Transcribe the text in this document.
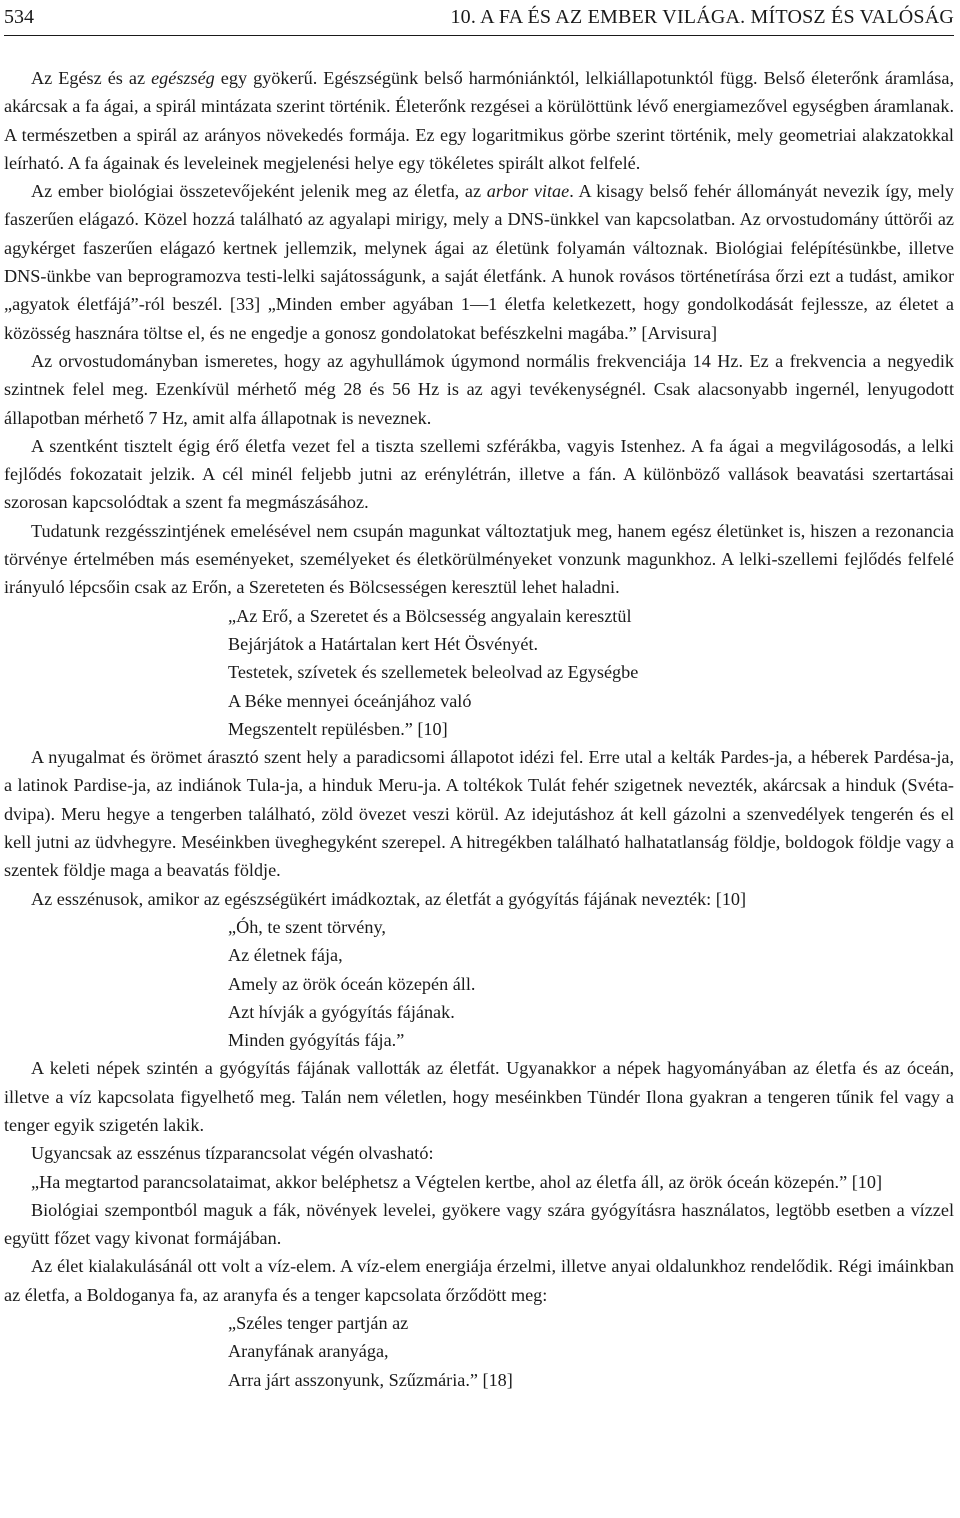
534	10. A FA ÉS AZ EMBER VILÁGA. MÍTOSZ ÉS VALÓSÁG

Az Egész és az egészség egy gyökerű. Egészségünk belső harmóniánktól, lelkiállapotunktól függ. Belső életerőnk áramlása, akárcsak a fa ágai, a spirál mintázata szerint történik. Életerőnk rezgései a körülöttünk lévő energiamezővel egységben áramlanak. A természetben a spirál az arányos növekedés formája. Ez egy logaritmikus görbe szerint történik, mely geometriai alakzatokkal leírható. A fa ágainak és leveleinek megjelenési helye egy tökéletes spirált alkot felfelé.

Az ember biológiai összetevőjeként jelenik meg az életfa, az arbor vitae. A kisagy belső fehér állományát nevezik így, mely faszerűen elágazó. Közel hozzá található az agyalapi mirigy, mely a DNS-ünkkel van kapcsolatban. Az orvostudomány úttörői az agykérget faszerűen elágazó kertnek jellemzik, melynek ágai az életünk folyamán változnak. Biológiai felépítésünkbe, illetve DNS-ünkbe van beprogramozva testi-lelki sajátosságunk, a saját életfánk. A hunok rovásos történetírása őrzi ezt a tudást, amikor „agyatok életfájá”-ról beszél. [33] „Minden ember agyában 1—1 életfa keletkezett, hogy gondolkodását fejlessze, az életet a közösség hasznára töltse el, és ne engedje a gonosz gondolatokat befészkelni magába.” [Arvisura]

Az orvostudományban ismeretes, hogy az agyhullámok úgymond normális frekvenciája 14 Hz. Ez a frekvencia a negyedik szintnek felel meg. Ezenkívül mérhető még 28 és 56 Hz is az agyi tevékenységnél. Csak alacsonyabb ingernél, lenyugodott állapotban mérhető 7 Hz, amit alfa állapotnak is neveznek.

A szentként tisztelt égig érő életfa vezet fel a tiszta szellemi szférákba, vagyis Istenhez. A fa ágai a megvilágosodás, a lelki fejlődés fokozatait jelzik. A cél minél feljebb jutni az erénylétrán, illetve a fán. A különböző vallások beavatási szertartásai szorosan kapcsolódtak a szent fa megmászásához.

Tudatunk rezgésszintjének emelésével nem csupán magunkat változtatjuk meg, hanem egész életünket is, hiszen a rezonancia törvénye értelmében más eseményeket, személyeket és életkörülményeket vonzunk magunkhoz. A lelki-szellemi fejlődés felfelé irányuló lépcsőin csak az Erőn, a Szereteten és Bölcsességen keresztül lehet haladni.

„Az Erő, a Szeretet és a Bölcsesség angyalain keresztül
Bejárjátok a Határtalan kert Hét Ösvényét.
Testetek, szívetek és szellemetek beleolvad az Egységbe
A Béke mennyei óceánjához való
Megszentelt repülésben.” [10]

A nyugalmat és örömet árasztó szent hely a paradicsomi állapotot idézi fel. Erre utal a kelták Pardes-ja, a héberek Pardésa-ja, a latinok Pardise-ja, az indiánok Tula-ja, a hinduk Meru-ja. A toltékok Tulát fehér szigetnek nevezték, akárcsak a hinduk (Svéta-dvipa). Meru hegye a tengerben található, zöld övezet veszi körül. Az idejutáshoz át kell gázolni a szenvedélyek tengerén és el kell jutni az üdvhegyre. Meséinkben üveghegyként szerepel. A hitregékben található halhatatlanság földje, boldogok földje vagy a szentek földje maga a beavatás földje.

Az esszénusok, amikor az egészségükért imádkoztak, az életfát a gyógyítás fájának nevezték: [10]

„Óh, te szent törvény,
Az életnek fája,
Amely az örök óceán közepén áll.
Azt hívják a gyógyítás fájának.
Minden gyógyítás fája.”

A keleti népek szintén a gyógyítás fájának vallották az életfát. Ugyanakkor a népek hagyományában az életfa és az óceán, illetve a víz kapcsolata figyelhető meg. Talán nem véletlen, hogy meséinkben Tündér Ilona gyakran a tengeren tűnik fel vagy a tenger egyik szigetén lakik.

Ugyancsak az esszénus tízparancsolat végén olvasható:

„Ha megtartod parancsolataimat, akkor beléphetsz a Végtelen kertbe, ahol az életfa áll, az örök óceán közepén.” [10]

Biológiai szempontból maguk a fák, növények levelei, gyökere vagy szára gyógyításra használatos, legtöbb esetben a vízzel együtt főzet vagy kivonat formájában.

Az élet kialakulásánál ott volt a víz-elem. A víz-elem energiája érzelmi, illetve anyai oldalunkhoz rendelődik. Régi imáinkban az életfa, a Boldoganya fa, az aranyfa és a tenger kapcsolata őrződött meg:

„Széles tenger partján az
Aranyfának aranyága,
Arra járt asszonyunk, Szűzmária.” [18]
